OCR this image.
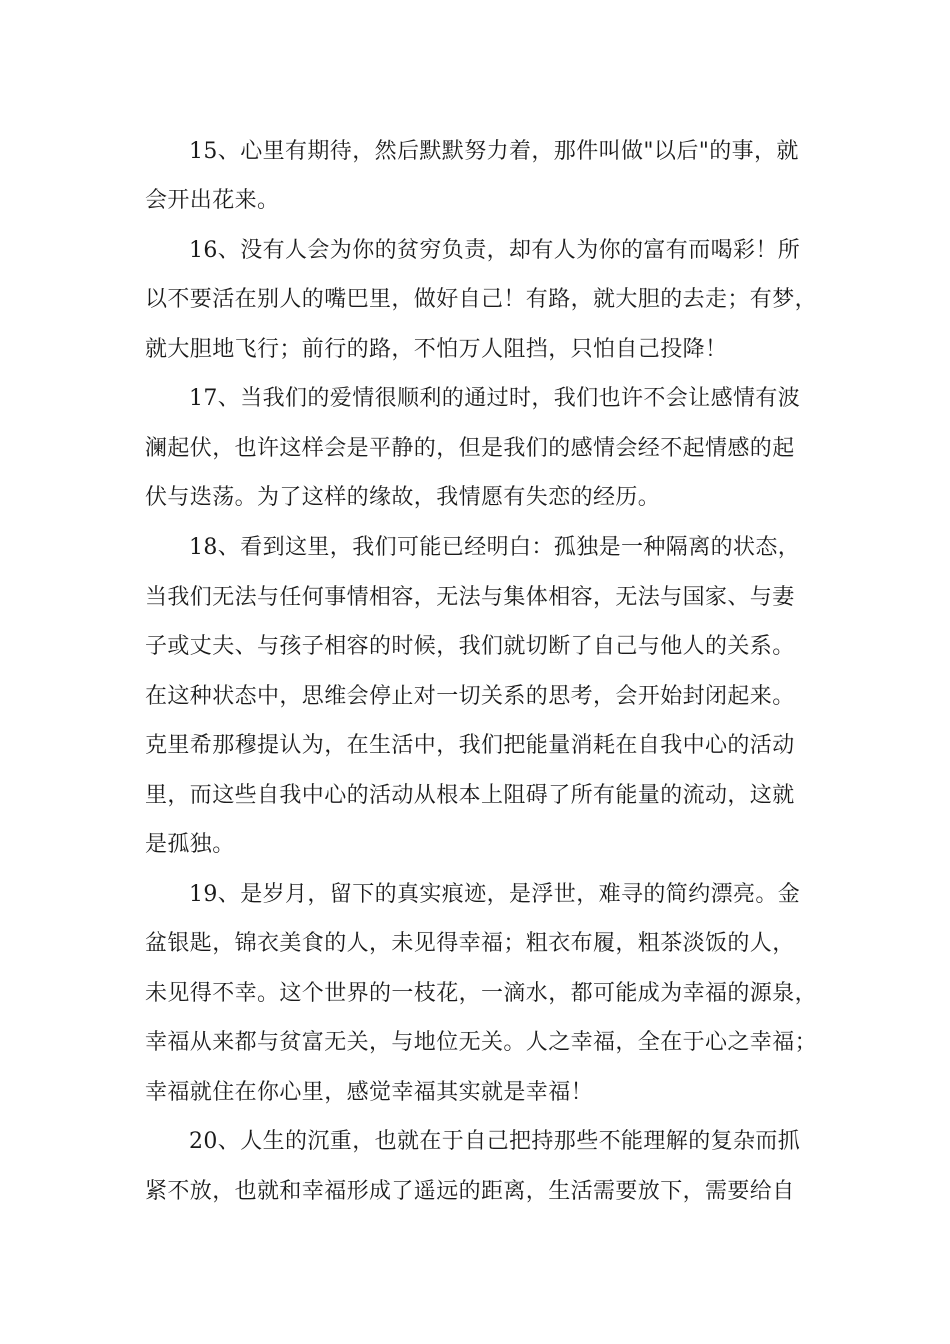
15、心里有期待，然后默默努力着，那件叫做"以后"的事，就

会开出花来。

16、没有人会为你的贫穷负责，却有人为你的富有而喝彩！所

以不要活在别人的嘴巴里，做好自己！有路，就大胆的去走；有梦，

就大胆地飞行；前行的路，不怕万人阻挡，只怕自己投降！

17、当我们的爱情很顺利的通过时，我们也许不会让感情有波

澜起伏，也许这样会是平静的，但是我们的感情会经不起情感的起

伏与迭荡。为了这样的缘故，我情愿有失恋的经历。

18、看到这里，我们可能已经明白：孤独是一种隔离的状态，

当我们无法与任何事情相容，无法与集体相容，无法与国家、与妻

子或丈夫、与孩子相容的时候，我们就切断了自己与他人的关系。

在这种状态中，思维会停止对一切关系的思考，会开始封闭起来。

克里希那穆提认为，在生活中，我们把能量消耗在自我中心的活动

里，而这些自我中心的活动从根本上阻碍了所有能量的流动，这就

是孤独。

19、是岁月，留下的真实痕迹，是浮世，难寻的简约漂亮。金

盆银匙，锦衣美食的人，未见得幸福；粗衣布履，粗茶淡饭的人，

未见得不幸。这个世界的一枝花，一滴水，都可能成为幸福的源泉，

幸福从来都与贫富无关，与地位无关。人之幸福，全在于心之幸福；

幸福就住在你心里，感觉幸福其实就是幸福！

20、人生的沉重，也就在于自己把持那些不能理解的复杂而抓

紧不放，也就和幸福形成了遥远的距离，生活需要放下，需要给自
